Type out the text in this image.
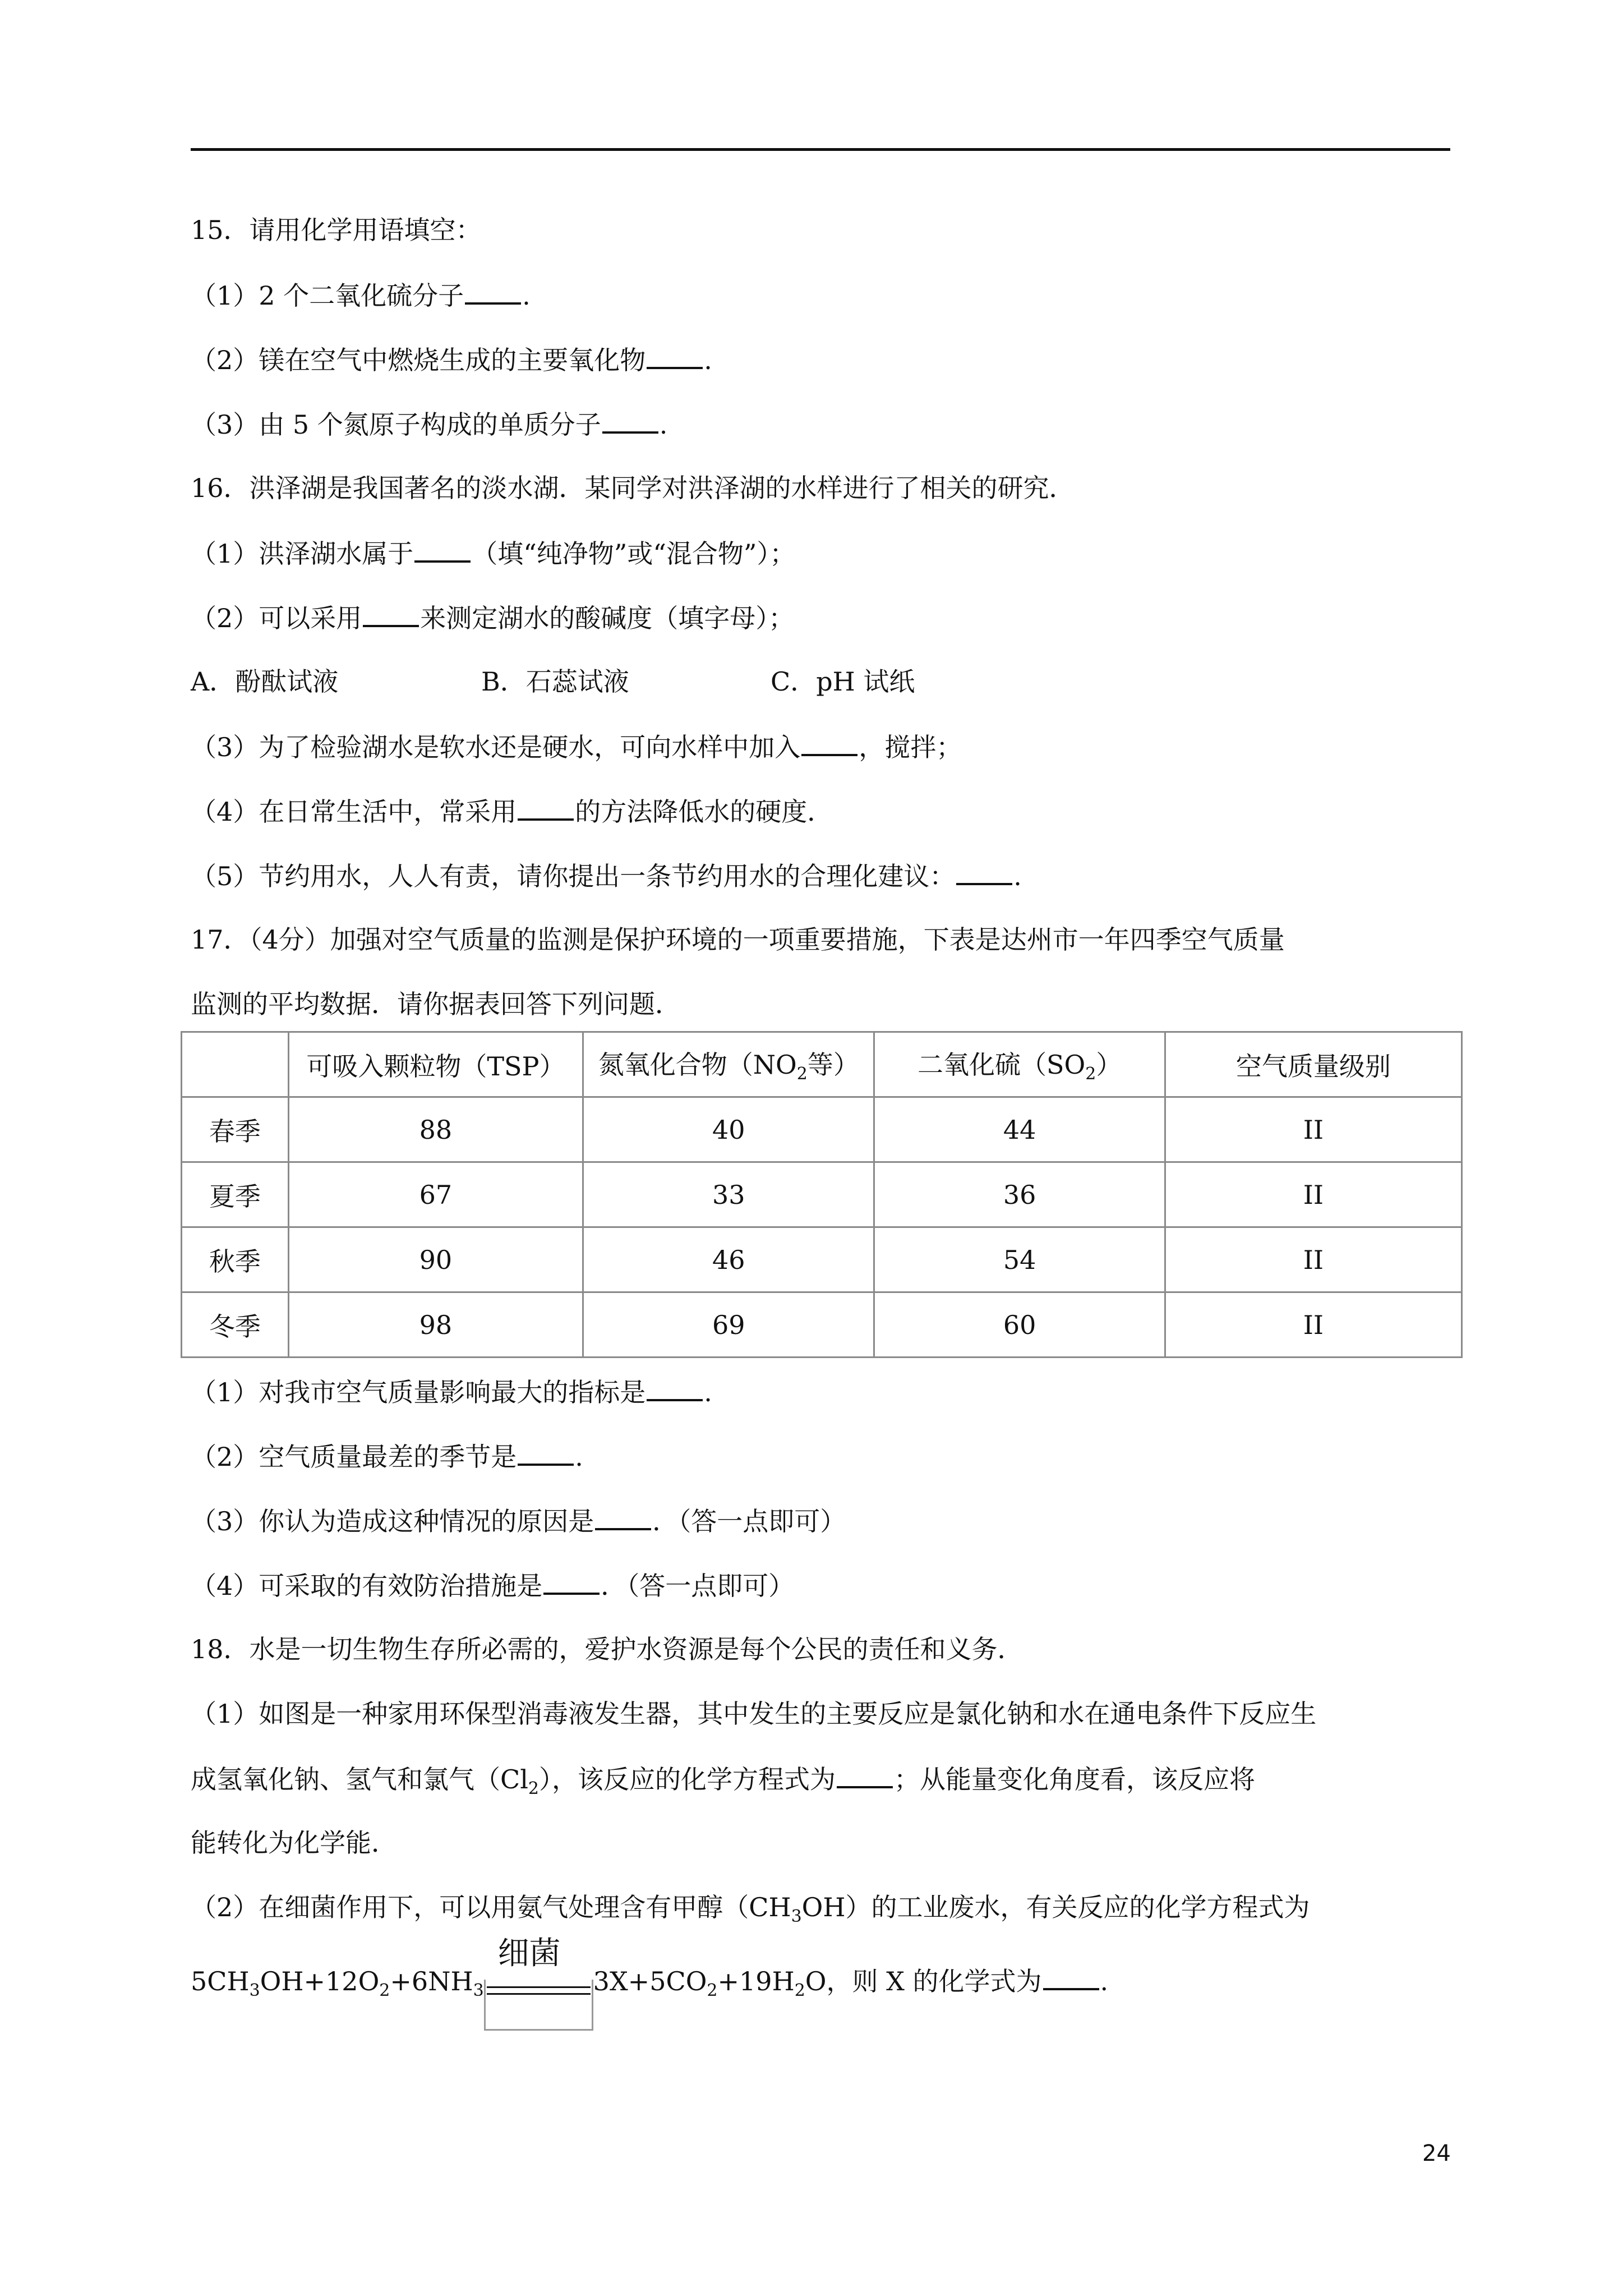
15．请用化学用语填空：
（1）2 个二氧化硫分子 .
（2）镁在空气中燃烧生成的主要氧化物 .
（3）由 5 个氮原子构成的单质分子 .
16．洪泽湖是我国著名的淡水湖．某同学对洪泽湖的水样进行了相关的研究．
（1）洪泽湖水属于 （填“纯净物”或“混合物”）；
（2）可以采用 来测定湖水的酸碱度（填字母）；
A．酚酞试液	B．石蕊试液	C．pH 试纸
（3）为了检验湖水是软水还是硬水，可向水样中加入 ，搅拌；
（4）在日常生活中，常采用 的方法降低水的硬度．
（5）节约用水，人人有责，请你提出一条节约用水的合理化建议： .
17．（4分）加强对空气质量的监测是保护环境的一项重要措施，下表是达州市一年四季空气质量
监测的平均数据．请你据表回答下列问题．
	可吸入颗粒物（TSP）	氮氧化合物（$NO_2$等）	二氧化硫$(SO_2)$	空气质量级别
春季	88	40	44	II
夏季	67	33	36	II
秋季	90	46	54	II
冬季	98	69	60	II
（1）对我市空气质量影响最大的指标是 .
（2）空气质量最差的季节是 .
（3）你认为造成这种情况的原因是 ．（答一点即可）
（4）可采取的有效防治措施是 ．（答一点即可）
18．水是一切生物生存所必需的，爱护水资源是每个公民的责任和义务．
（1）如图是一种家用环保型消毒液发生器，其中发生的主要反应是氯化钠和水在通电条件下反应生
成氢氧化钠、氢气和氯气$(Cl_2)$，该反应的化学方程式为 ；从能量变化角度看，该反应将
能转化为化学能．
（2）在细菌作用下，可以用氨气处理含有甲醇$(CH_3OH)$的工业废水，有关反应的化学方程式为
$5CH_3OH+12O_2+6NH_3$
细菌
$3X+5CO_2+19H_2O$，则 X 的化学式为 .
24
